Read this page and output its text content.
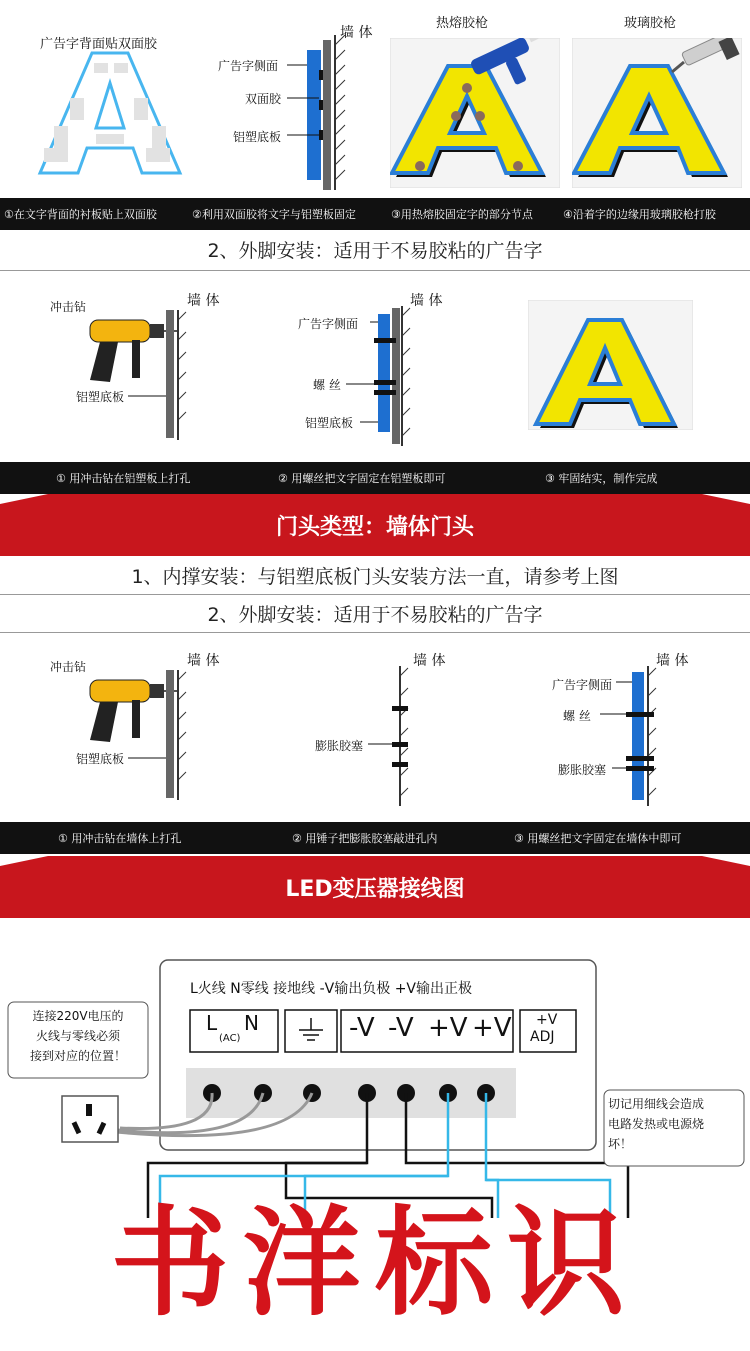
广告字背面贴双面胶
墙 体
广告字侧面
双面胶
铝塑底板
热熔胶枪	玻璃胶枪
①在文字背面的衬板贴上双面胶	②利用双面胶将文字与铝塑板固定	③用热熔胶固定字的部分节点	④沿着字的边缘用玻璃胶枪打胶
2、外脚安装：适用于不易胶粘的广告字
冲击钻	墙 体
铝塑底板
墙 体
广告字侧面
螺 丝
铝塑底板
① 用冲击钻在铝塑板上打孔	② 用螺丝把文字固定在铝塑板即可	③ 牢固结实，制作完成
门头类型：墙体门头
1、内撑安装：与铝塑底板门头安装方法一直，请参考上图
2、外脚安装：适用于不易胶粘的广告字
冲击钻	墙 体
铝塑底板
墙 体
膨胀胶塞
墙 体
广告字侧面
螺 丝
膨胀胶塞
① 用冲击钻在墙体上打孔	② 用锤子把膨胀胶塞敲进孔内	③ 用螺丝把文字固定在墙体中即可
LED变压器接线图
L火线 N零线 接地线 -V输出负极 +V输出正极
L N
(AC)	-V -V +V +V +V
ADJ
连接220V电压的
火线与零线必须
接到对应的位置！
切记用细线会造成
电路发热或电源烧
坏！
书洋标识
